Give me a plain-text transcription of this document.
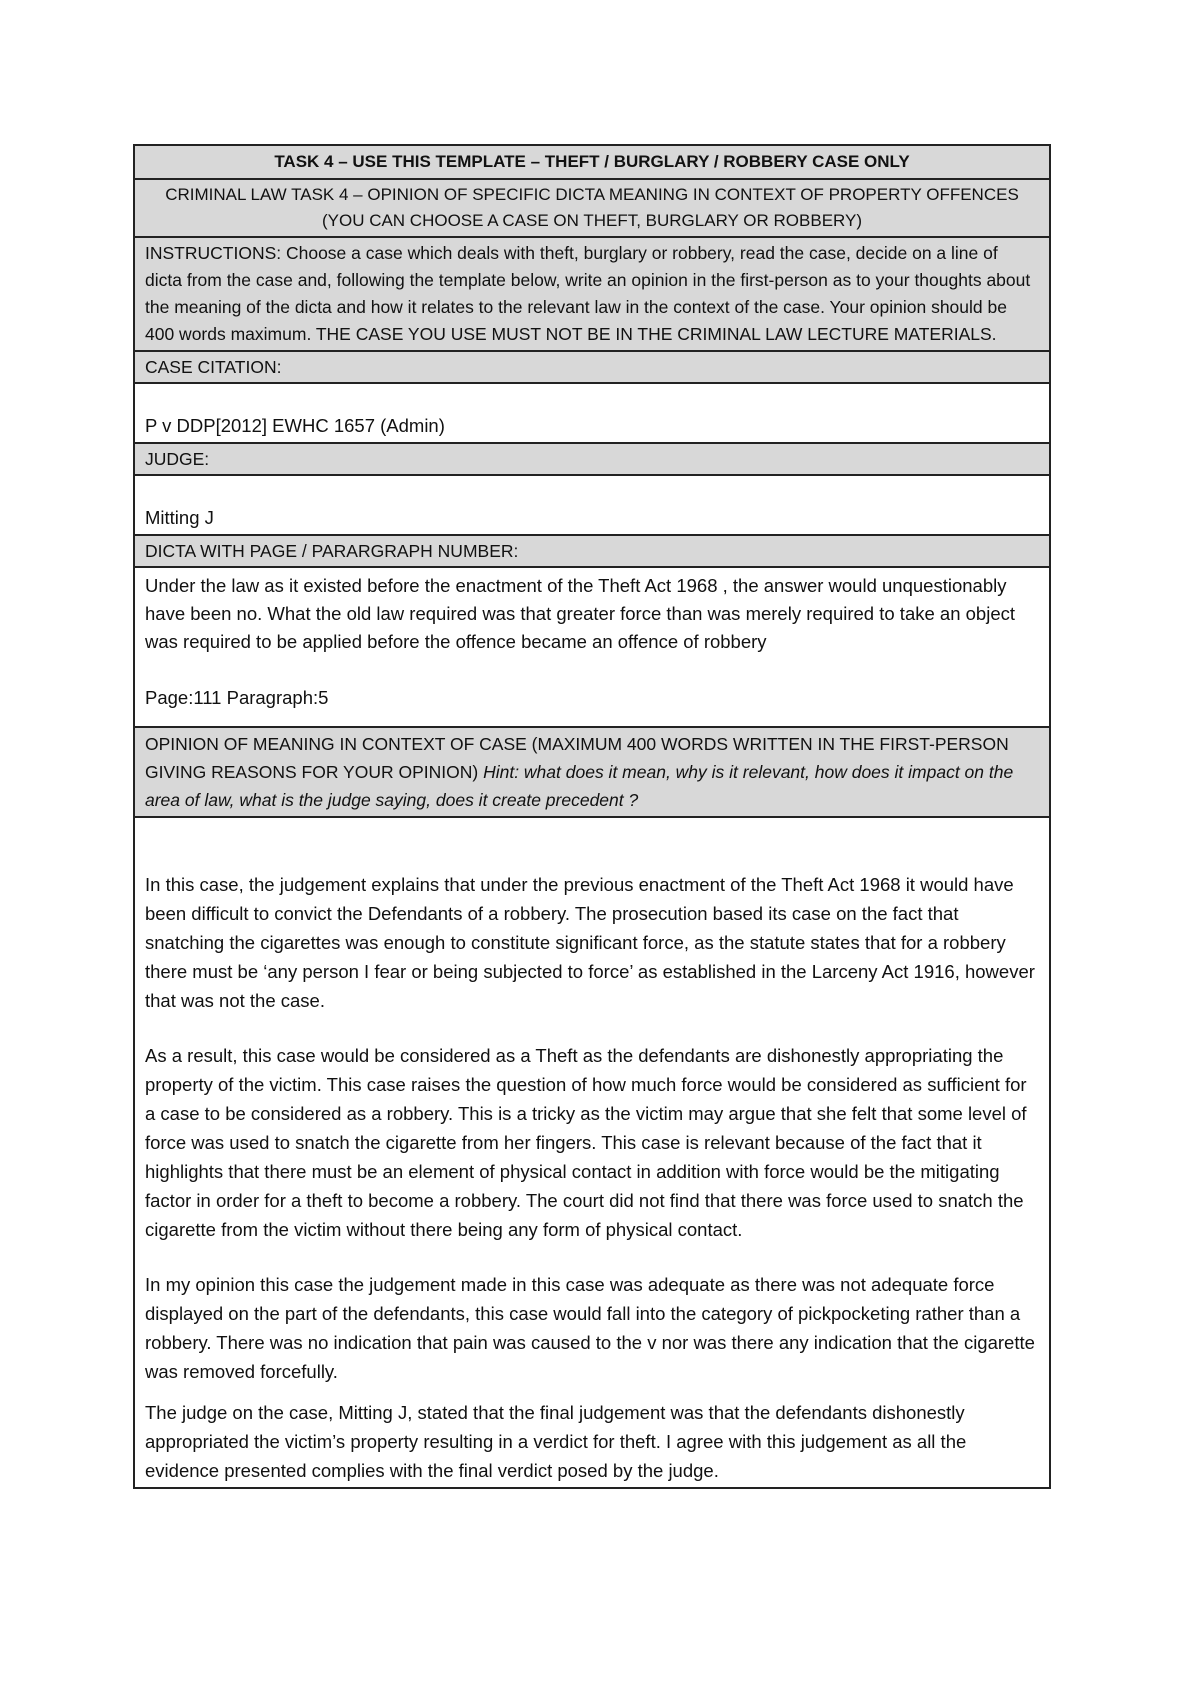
TASK 4 – USE THIS TEMPLATE – THEFT / BURGLARY / ROBBERY CASE ONLY
CRIMINAL LAW TASK 4 – OPINION OF SPECIFIC DICTA MEANING IN CONTEXT OF PROPERTY OFFENCES (YOU CAN CHOOSE A CASE ON THEFT, BURGLARY OR ROBBERY)
INSTRUCTIONS: Choose a case which deals with theft, burglary or robbery, read the case, decide on a line of dicta from the case and, following the template below, write an opinion in the first-person as to your thoughts about the meaning of the dicta and how it relates to the relevant law in the context of the case. Your opinion should be 400 words maximum. THE CASE YOU USE MUST NOT BE IN THE CRIMINAL LAW LECTURE MATERIALS.
CASE CITATION:
P v DDP[2012] EWHC 1657 (Admin)
JUDGE:
Mitting J
DICTA WITH PAGE / PARARGRAPH NUMBER:

Under the law as it existed before the enactment of the Theft Act 1968 , the answer would unquestionably have been no. What the old law required was that greater force than was merely required to take an object was required to be applied before the offence became an offence of robbery

Page:111 Paragraph:5

OPINION OF MEANING IN CONTEXT OF CASE (MAXIMUM 400 WORDS WRITTEN IN THE FIRST-PERSON GIVING REASONS FOR YOUR OPINION) Hint: what does it mean, why is it relevant, how does it impact on the area of law, what is the judge saying, does it create precedent ?

In this case, the judgement explains that under the previous enactment of the Theft Act 1968 it would have been difficult to convict the Defendants of a robbery. The prosecution based its case on the fact that snatching the cigarettes was enough to constitute significant force, as the statute states that for a robbery there must be ‘any person I fear or being subjected to force’ as established in the Larceny Act 1916, however that was not the case.

As a result, this case would be considered as a Theft as the defendants are dishonestly appropriating the property of the victim. This case raises the question of how much force would be considered as sufficient for a case to be considered as a robbery. This is a tricky as the victim may argue that she felt that some level of force was used to snatch the cigarette from her fingers. This case is relevant because of the fact that it highlights that there must be an element of physical contact in addition with force would be the mitigating factor in order for a theft to become a robbery. The court did not find that there was force used to snatch the cigarette from the victim without there being any form of physical contact.

In my opinion this case the judgement made in this case was adequate as there was not adequate force displayed on the part of the defendants, this case would fall into the category of pickpocketing rather than a robbery. There was no indication that pain was caused to the v nor was there any indication that the cigarette was removed forcefully.

The judge on the case, Mitting J, stated that the final judgement was that the defendants dishonestly appropriated the victim’s property resulting in a verdict for theft. I agree with this judgement as all the evidence presented complies with the final verdict posed by the judge.
